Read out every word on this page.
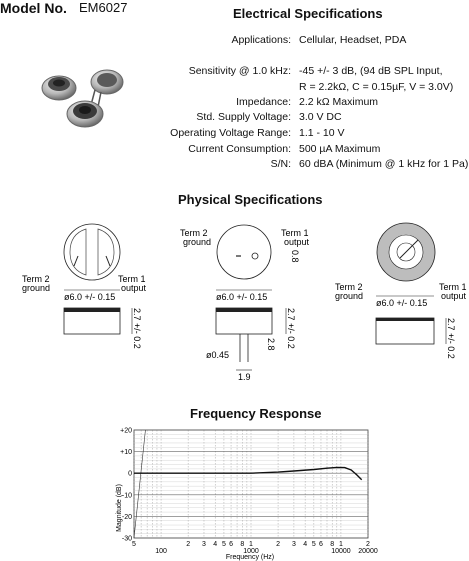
Model No. EM6027	Electrical Specifications
Applications: Cellular, Headset, PDA
Sensitivity @ 1.0 kHz: -45 +/- 3 dB, (94 dB SPL Input,
R = 2.2kΩ, C = 0.15µF, V = 3.0V)
Impedance: 2.2 kΩ Maximum
Std. Supply Voltage: 3.0 V DC
Operating Voltage Range: 1.1 - 10 V
Current Consumption: 500 µA Maximum
S/N: 60 dBA (Minimum @ 1 kHz for 1 Pa)
Physical Specifications
Term 2
ground
Term 1
output
ø6.0 +/- 0.15
2.7 +/- 0.2
Term 2
ground
Term 1
output
0.8
ø6.0 +/- 0.15
2.7 +/- 0.2
2.8
ø0.45
1.9
Term 2
ground
Term 1
output
ø6.0 +/- 0.15
2.7 +/- 0.2
Frequency Response
+20
+10
0
-10
-20
-30
5	2 3 4 5 6 8 1	2 3 4 5 6 8 1	2
100	1000	10000 20000
Magnitude (dB)
Frequency (Hz)
